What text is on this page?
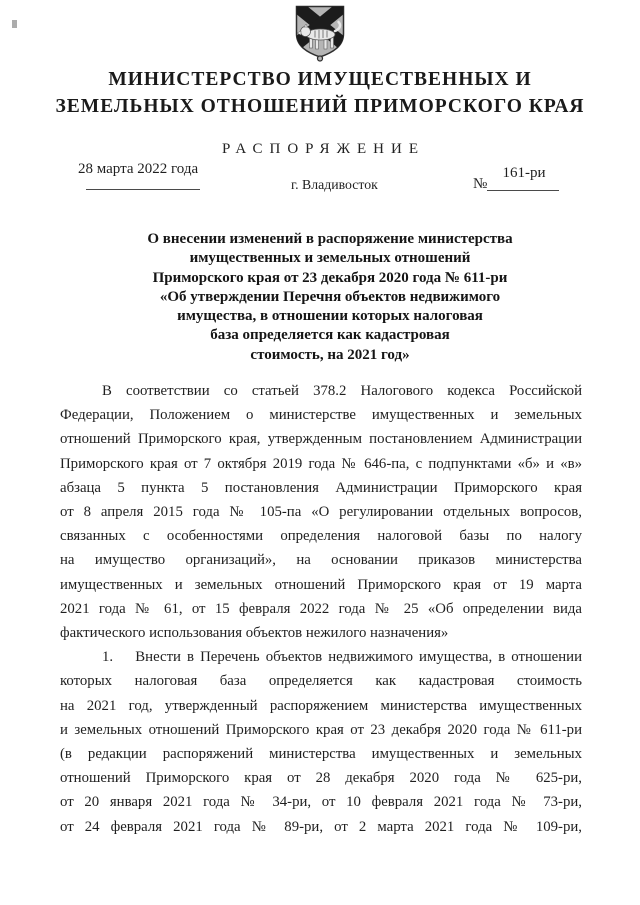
МИНИСТЕРСТВО ИМУЩЕСТВЕННЫХ И
ЗЕМЕЛЬНЫХ ОТНОШЕНИЙ ПРИМОРСКОГО КРАЯ
РАСПОРЯЖЕНИЕ
28 марта 2022 года
г. Владивосток	№
161-ри
О внесении изменений в распоряжение министерства
имущественных и земельных отношений
Приморского края от 23 декабря 2020 года № 611-ри
«Об утверждении Перечня объектов недвижимого
имущества, в отношении которых налоговая
база определяется как кадастровая
стоимость, на 2021 год»
В соответствии со статьей 378.2 Налогового кодекса Российской
Федерации, Положением о министерстве имущественных и земельных
отношений Приморского края, утвержденным постановлением Администрации
Приморского края от 7 октября 2019 года № 646-па, с подпунктами «б» и «в»
абзаца 5 пункта 5 постановления Администрации Приморского края
от 8 апреля 2015 года № 105-па «О регулировании отдельных вопросов,
связанных с особенностями определения налоговой базы по налогу
на имущество организаций», на основании приказов министерства
имущественных и земельных отношений Приморского края от 19 марта
2021 года № 61, от 15 февраля 2022 года № 25 «Об определении вида
фактического использования объектов нежилого назначения»
1.  Внести в Перечень объектов недвижимого имущества, в отношении
которых налоговая база определяется как кадастровая стоимость
на 2021 год, утвержденный распоряжением министерства имущественных
и земельных отношений Приморского края от 23 декабря 2020 года № 611-ри
(в редакции распоряжений министерства имущественных и земельных
отношений Приморского края от 28 декабря 2020 года № 625-ри,
от 20 января 2021 года № 34-ри, от 10 февраля 2021 года № 73-ри,
от 24 февраля 2021 года № 89-ри, от 2 марта 2021 года № 109-ри,
